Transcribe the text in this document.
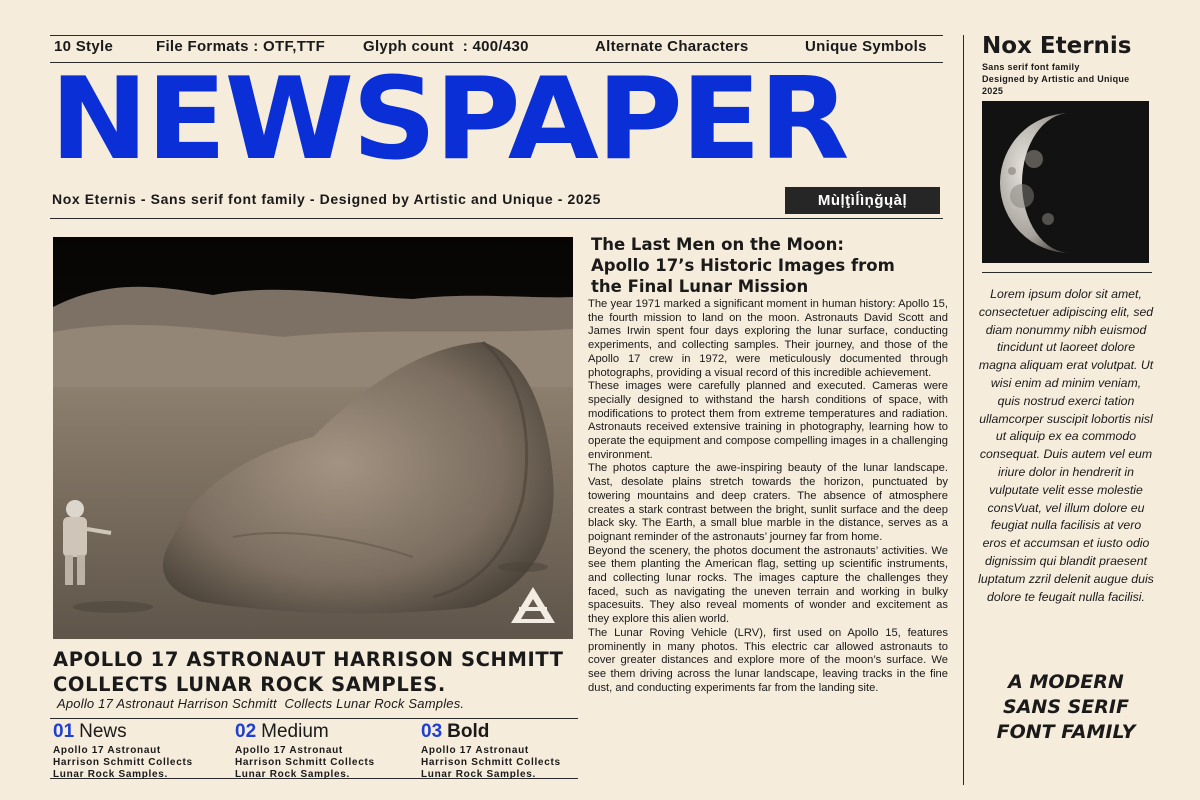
10 Style	File Formats : OTF,TTF	Glyph count  : 400/430	Alternate Characters	Unique Symbols
NEWSPAPER
Nox Eternis - Sans serif font family - Designed by Artistic and Unique - 2025	Mùļţìĺìņğųàļ
APOLLO 17 ASTRONAUT HARRISON SCHMITT
COLLECTS LUNAR ROCK SAMPLES.
Apollo 17 Astronaut Harrison Schmitt  Collects Lunar Rock Samples.
01 News
Apollo 17 Astronaut
Harrison Schmitt Collects
Lunar Rock Samples.
02 Medium
Apollo 17 Astronaut
Harrison Schmitt Collects
Lunar Rock Samples.
03 Bold
Apollo 17 Astronaut
Harrison Schmitt Collects
Lunar Rock Samples.
The Last Men on the Moon:
Apollo 17’s Historic Images from
the Final Lunar Mission

The year 1971 marked a significant moment in human history: Apollo 15, the fourth mission to land on the moon. Astronauts David Scott and James Irwin spent four days exploring the lunar surface, conducting experiments, and collecting samples. Their journey, and those of the Apollo 17 crew in 1972, were meticulously documented through photographs, providing a visual record of this incredible achievement.

These images were carefully planned and executed. Cameras were specially designed to withstand the harsh conditions of space, with modifications to protect them from extreme temperatures and radiation. Astronauts received extensive training in photography, learning how to operate the equipment and compose compelling images in a challenging environment.

The photos capture the awe-inspiring beauty of the lunar landscape. Vast, desolate plains stretch towards the horizon, punctuated by towering mountains and deep craters. The absence of atmosphere creates a stark contrast between the bright, sunlit surface and the deep black sky. The Earth, a small blue marble in the distance, serves as a poignant reminder of the astronauts’ journey far from home.

Beyond the scenery, the photos document the astronauts’ activities. We see them planting the American flag, setting up scientific instruments, and collecting lunar rocks. The images capture the challenges they faced, such as navigating the uneven terrain and working in bulky spacesuits. They also reveal moments of wonder and excitement as they explore this alien world.

The Lunar Roving Vehicle (LRV), first used on Apollo 15, features prominently in many photos. This electric car allowed astronauts to cover greater distances and explore more of the moon’s surface. We see them driving across the lunar landscape, leaving tracks in the fine dust, and conducting experiments far from the landing site.

Nox Eternis
Sans serif font family
Designed by Artistic and Unique
2025
Lorem ipsum dolor sit amet, consectetuer adipiscing elit, sed diam nonummy nibh euismod tincidunt ut laoreet dolore magna aliquam erat volutpat. Ut wisi enim ad minim veniam, quis nostrud exerci tation ullamcorper suscipit lobortis nisl ut aliquip ex ea commodo consequat. Duis autem vel eum iriure dolor in hendrerit in vulputate velit esse molestie consVuat, vel illum dolore eu feugiat nulla facilisis at vero eros et accumsan et iusto odio dignissim qui blandit praesent luptatum zzril delenit augue duis dolore te feugait nulla facilisi.
A MODERN
SANS SERIF
FONT FAMILY
